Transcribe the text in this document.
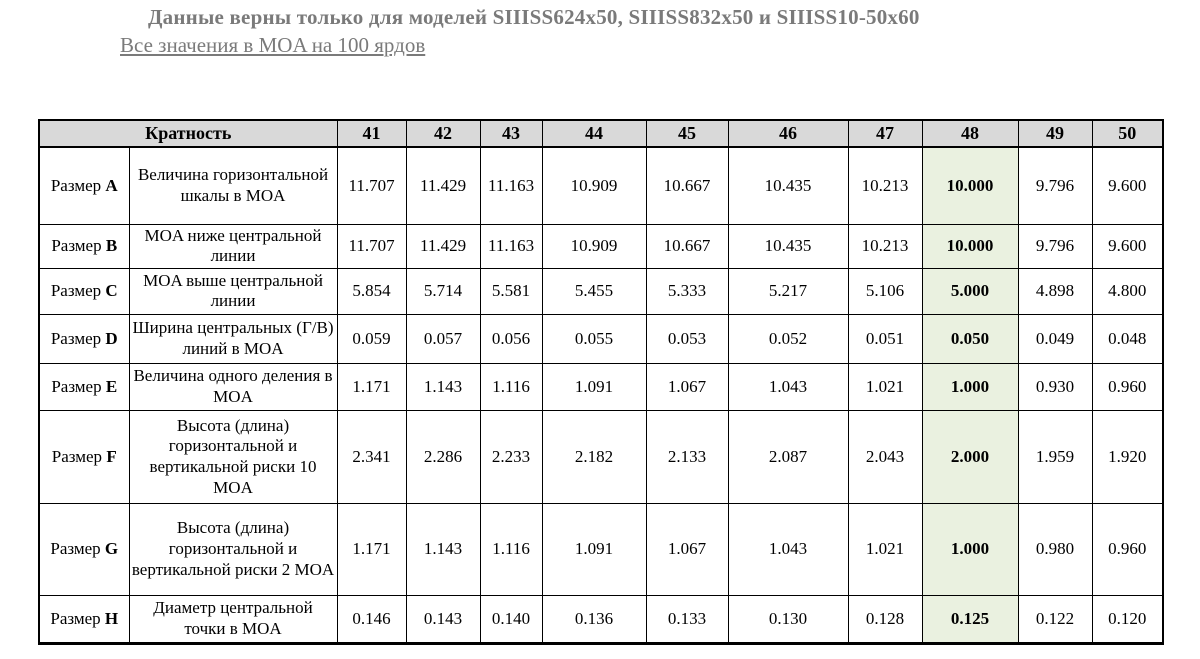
Данные верны только для моделей SIIISS624x50, SIIISS832x50 и SIIISS10-50x60
Все значения в MOA на 100 ярдов
Кратность		41	42	43	44	45	46	47	48	49	50
Размер A	Величина горизонтальной шкалы в MOA	11.707	11.429	11.163	10.909	10.667	10.435	10.213	10.000	9.796	9.600
Размер B	MOA ниже центральной линии	11.707	11.429	11.163	10.909	10.667	10.435	10.213	10.000	9.796	9.600
Размер C	MOA выше центральной линии	5.854	5.714	5.581	5.455	5.333	5.217	5.106	5.000	4.898	4.800
Размер D	Ширина центральных (Г/В) линий в MOA	0.059	0.057	0.056	0.055	0.053	0.052	0.051	0.050	0.049	0.048
Размер E	Величина одного деления в MOA	1.171	1.143	1.116	1.091	1.067	1.043	1.021	1.000	0.930	0.960
Размер F	Высота (длина) горизонтальной и вертикальной риски 10 MOA	2.341	2.286	2.233	2.182	2.133	2.087	2.043	2.000	1.959	1.920
Размер G	Высота (длина) горизонтальной и вертикальной риски 2 MOA	1.171	1.143	1.116	1.091	1.067	1.043	1.021	1.000	0.980	0.960
Размер H	Диаметр центральной точки в MOA	0.146	0.143	0.140	0.136	0.133	0.130	0.128	0.125	0.122	0.120
